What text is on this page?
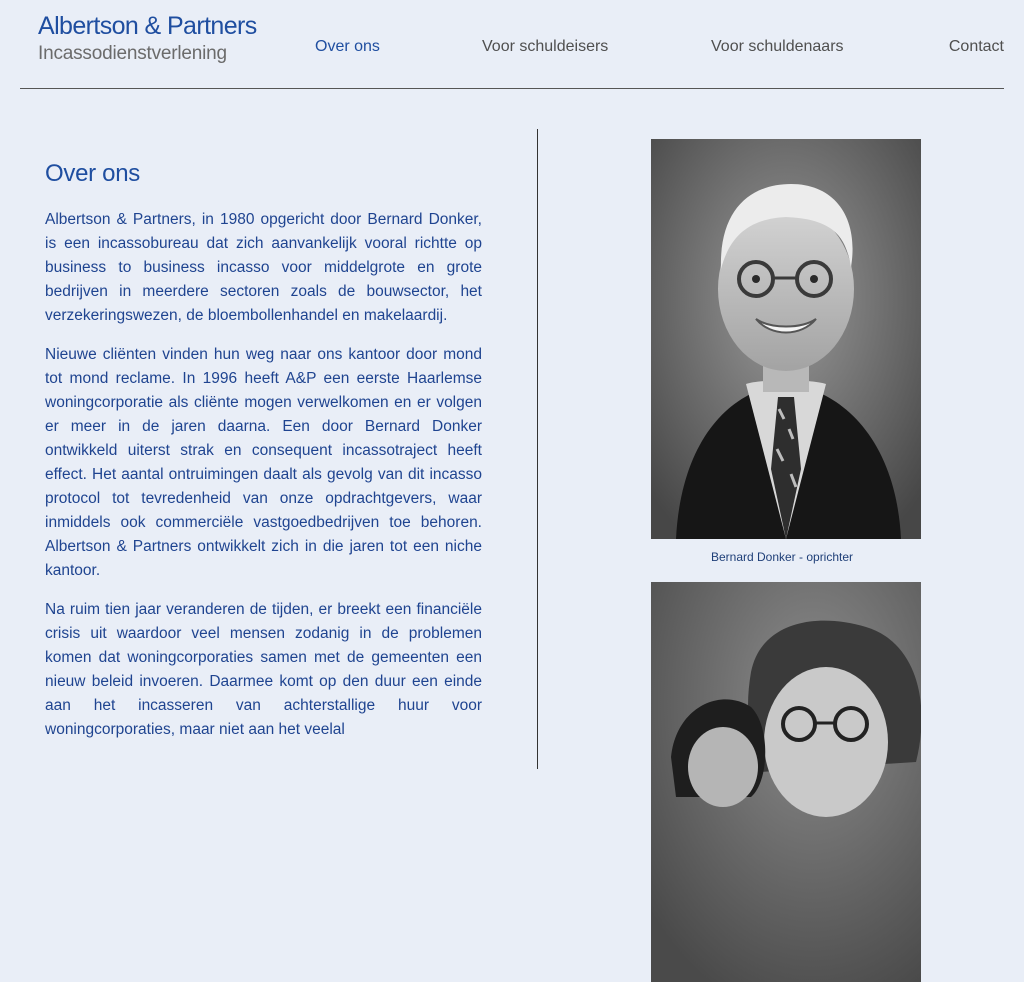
Albertson & Partners
Incassodienstverlening	Over ons	Voor schuldeisers	Voor schuldenaars	Contact
Over ons

Albertson & Partners, in 1980 opgericht door Bernard Donker, is een incassobureau dat zich aanvankelijk vooral richtte op business to business incasso voor middelgrote en grote bedrijven in meerdere sectoren zoals de bouwsector, het verzekeringswezen, de bloembollenhandel en makelaardij.

Nieuwe cliënten vinden hun weg naar ons kantoor door mond tot mond reclame. In 1996 heeft A&P een eerste Haarlemse woningcorporatie als cliënte mogen verwelkomen en er volgen er meer in de jaren daarna. Een door Bernard Donker ontwikkeld uiterst strak en consequent incassotraject heeft effect. Het aantal ontruimingen daalt als gevolg van dit incasso protocol tot tevredenheid van onze opdrachtgevers, waar inmiddels ook commerciële vastgoedbedrijven toe behoren. Albertson & Partners ontwikkelt zich in die jaren tot een niche kantoor.

Na ruim tien jaar veranderen de tijden, er breekt een financiële crisis uit waardoor veel mensen zodanig in de problemen komen dat woningcorporaties samen met de gemeenten een nieuw beleid invoeren. Daarmee komt op den duur een einde aan het incasseren van achterstallige huur voor woningcorporaties, maar niet aan het veelal

Bernard Donker - oprichter
